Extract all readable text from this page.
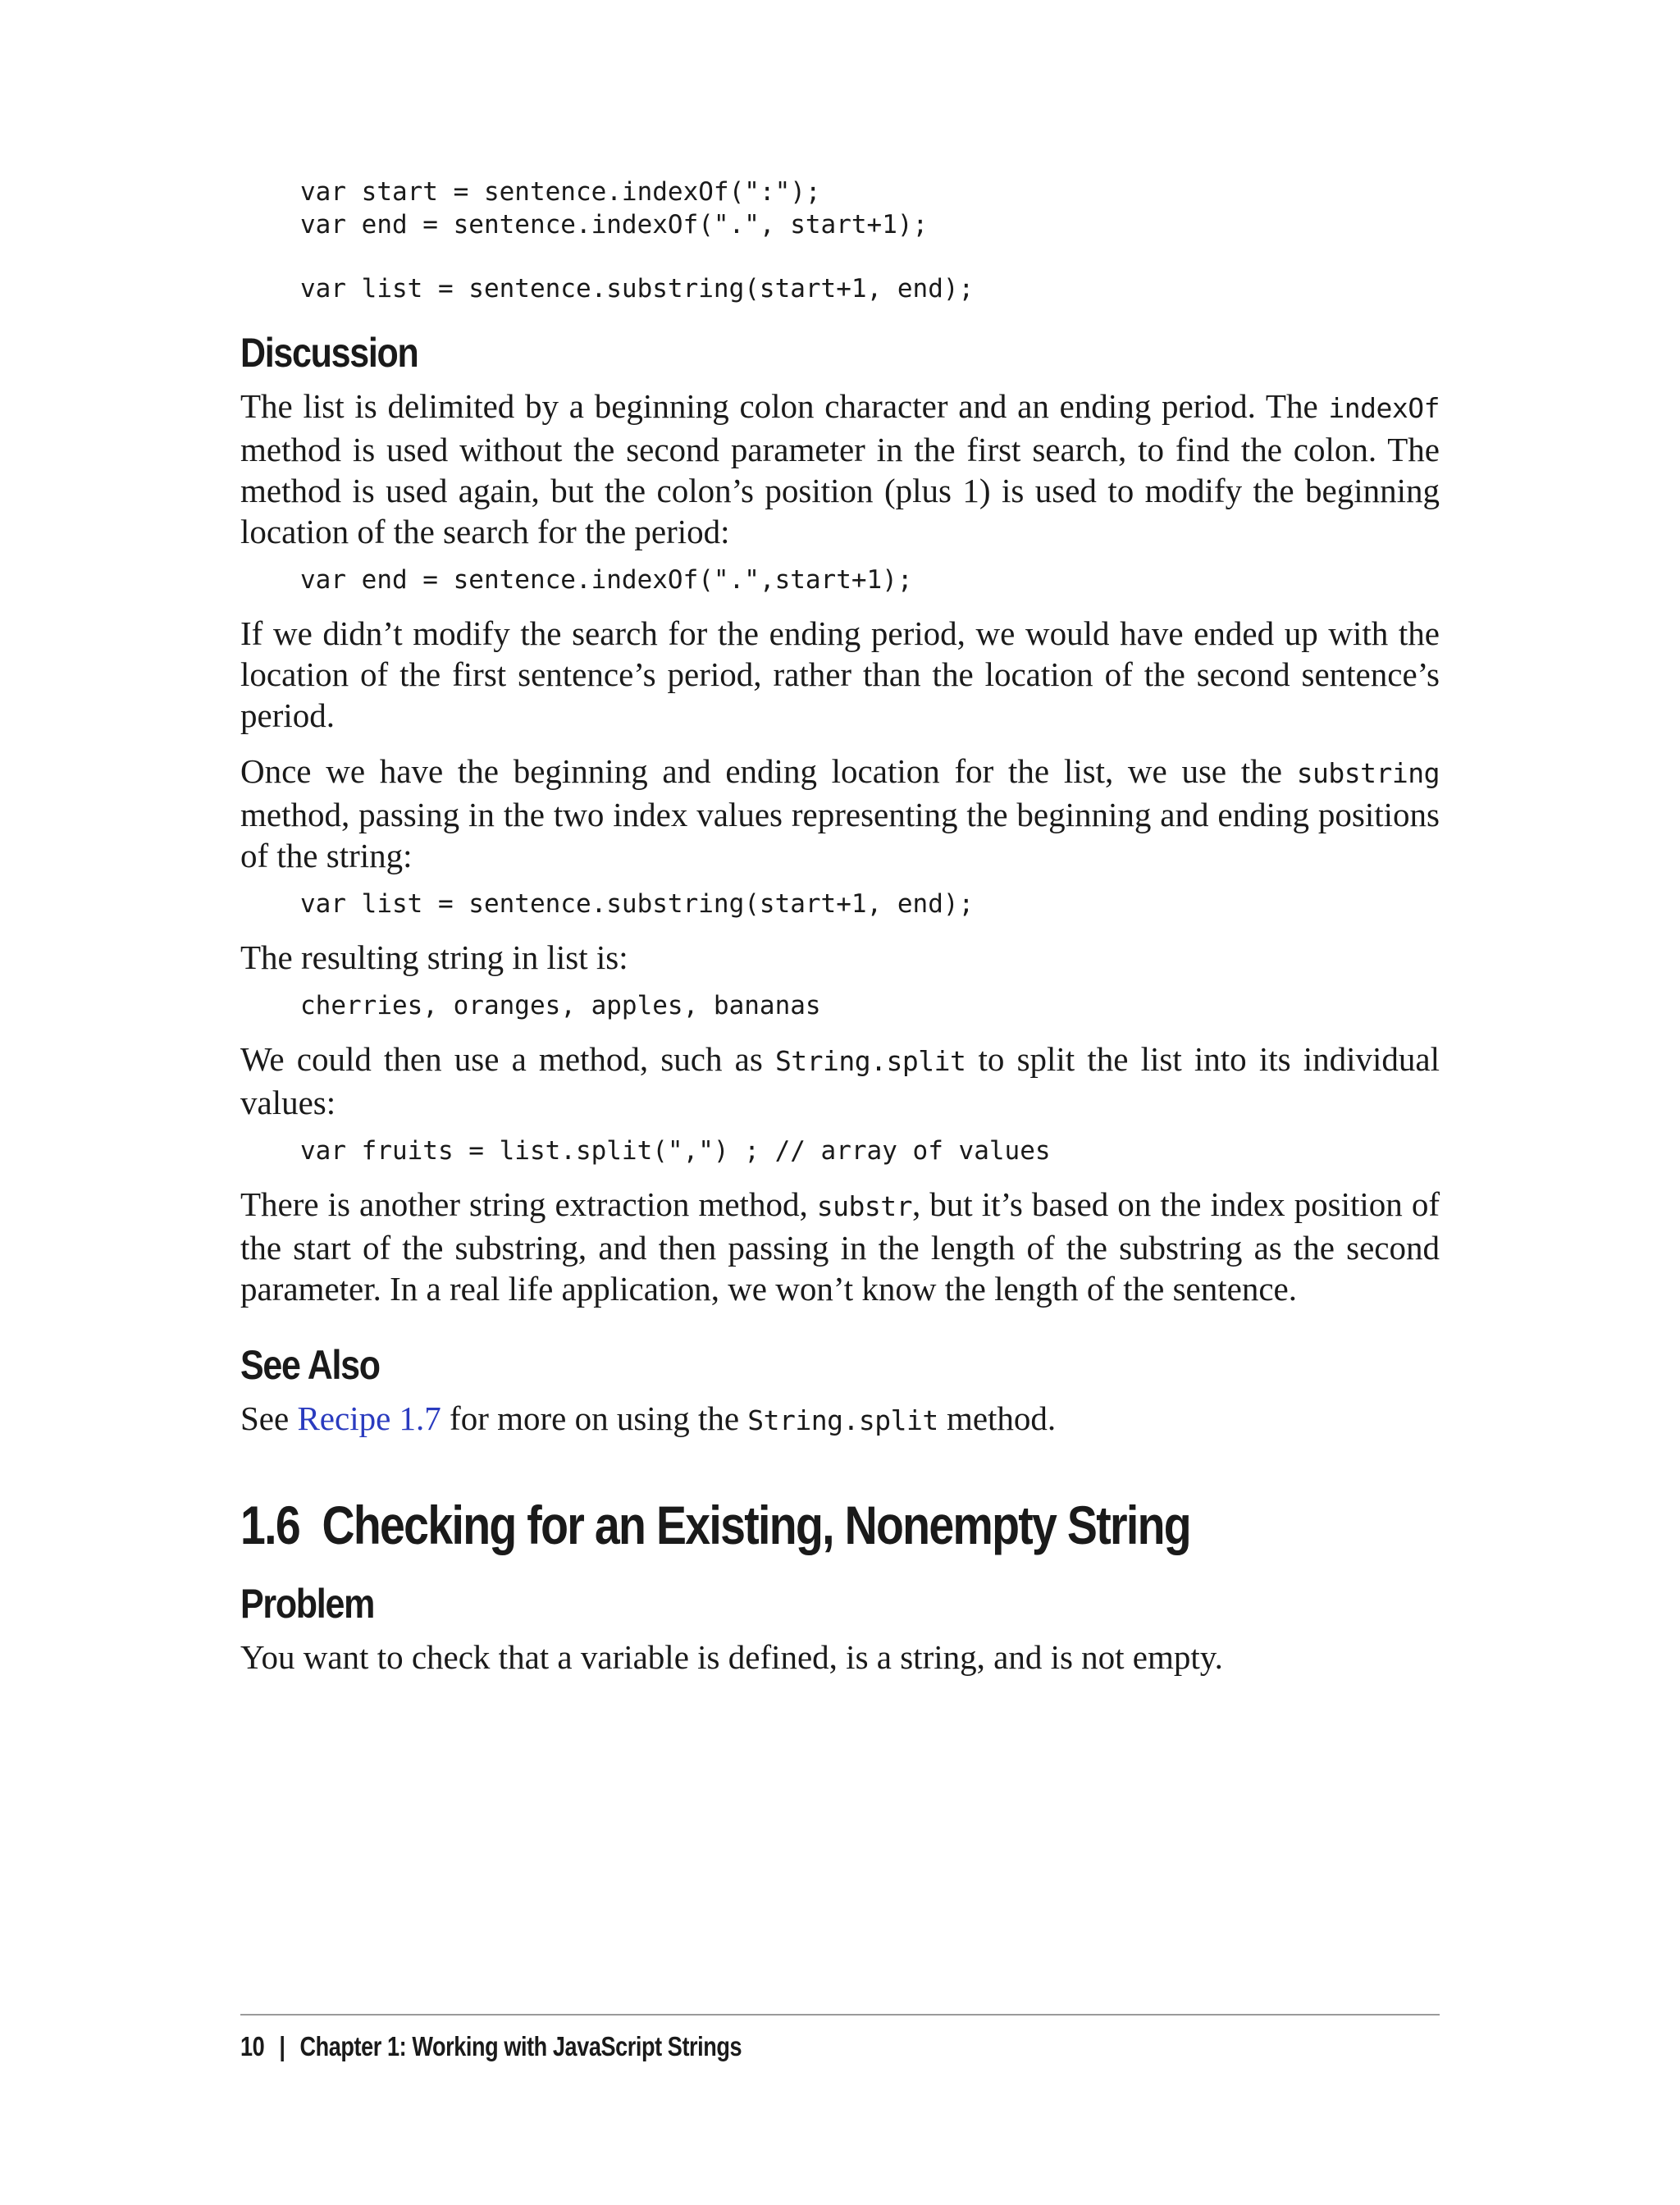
var start = sentence.indexOf(":");
var end = sentence.indexOf(".", start+1);
var list = sentence.substring(start+1, end);
Discussion

The list is delimited by a beginning colon character and an ending period. The indexOf method is used without the second parameter in the first search, to find the colon. The method is used again, but the colon’s position (plus 1) is used to modify the beginning location of the search for the period:

var end = sentence.indexOf(".",start+1);

If we didn’t modify the search for the ending period, we would have ended up with the location of the first sentence’s period, rather than the location of the second sentence’s period.

Once we have the beginning and ending location for the list, we use the substring method, passing in the two index values representing the beginning and ending positions of the string:

var list = sentence.substring(start+1, end);

The resulting string in list is:

cherries, oranges, apples, bananas

We could then use a method, such as String.split to split the list into its individual values:

var fruits = list.split(",") ; // array of values

There is another string extraction method, substr, but it’s based on the index position of the start of the substring, and then passing in the length of the substring as the second parameter. In a real life application, we won’t know the length of the sentence.

See Also

See Recipe 1.7 for more on using the String.split method.

1.6  Checking for an Existing, Nonempty String
Problem

You want to check that a variable is defined, is a string, and is not empty.

10 | Chapter 1: Working with JavaScript Strings
